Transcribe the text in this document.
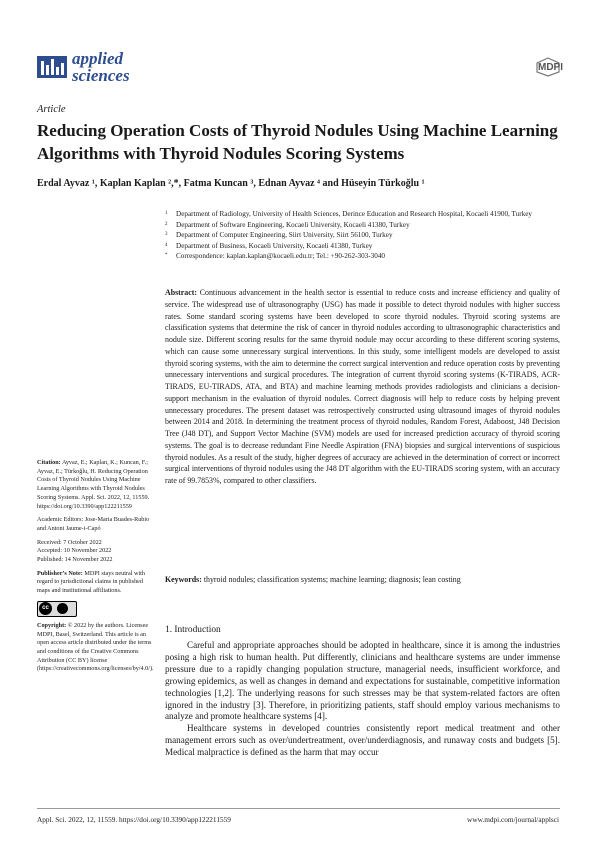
applied
sciences	MDPI
Article
Reducing Operation Costs of Thyroid Nodules Using Machine Learning Algorithms with Thyroid Nodules Scoring Systems
Erdal Ayvaz ¹, Kaplan Kaplan ²,*, Fatma Kuncan ³, Ednan Ayvaz ⁴ and Hüseyin Türkoğlu ¹
1	Department of Radiology, University of Health Sciences, Derince Education and Research Hospital, Kocaeli 41900, Turkey
2	Department of Software Engineering, Kocaeli University, Kocaeli 41380, Turkey
3	Department of Computer Engineering, Siirt University, Siirt 56100, Turkey
4	Department of Business, Kocaeli University, Kocaeli 41380, Turkey
*	Correspondence: kaplan.kaplan@kocaeli.edu.tr; Tel.: +90-262-303-3040
Abstract: Continuous advancement in the health sector is essential to reduce costs and increase efficiency and quality of service. The widespread use of ultrasonography (USG) has made it possible to detect thyroid nodules with higher success rates. Some standard scoring systems have been developed to score thyroid nodules. Thyroid scoring systems are classification systems that determine the risk of cancer in thyroid nodules according to ultrasonographic characteristics and nodule size. Different scoring results for the same thyroid nodule may occur according to these different scoring systems, which can cause some unnecessary surgical interventions. In this study, some intelligent models are developed to assist thyroid scoring systems, with the aim to determine the correct surgical intervention and reduce operation costs by preventing unnecessary interventions and surgical procedures. The integration of current thyroid scoring systems (K-TIRADS, ACR-TIRADS, EU-TIRADS, ATA, and BTA) and machine learning methods provides radiologists and clinicians a decision-support mechanism in the evaluation of thyroid nodules. Correct diagnosis will help to reduce costs by helping prevent unnecessary procedures. The present dataset was retrospectively constructed using ultrasound images of thyroid nodules between 2014 and 2018. In determining the treatment process of thyroid nodules, Random Forest, Adaboost, J48 Decision Tree (J48 DT), and Support Vector Machine (SVM) models are used for increased prediction accuracy of thyroid scoring systems. The goal is to decrease redundant Fine Needle Aspiration (FNA) biopsies and surgical interventions of suspicious thyroid nodules. As a result of the study, higher degrees of accuracy are achieved in the determination of correct or incorrect surgical interventions of thyroid nodules using the J48 DT algorithm with the EU-TIRADS scoring system, with an accuracy rate of 99.7853%, compared to other classifiers.
Keywords: thyroid nodules; classification systems; machine learning; diagnosis; lean costing

Citation: Ayvaz, E.; Kaplan, K.; Kuncan, F.; Ayvaz, E.; Türkoğlu, H. Reducing Operation Costs of Thyroid Nodules Using Machine Learning Algorithms with Thyroid Nodules Scoring Systems. Appl. Sci. 2022, 12, 11559. https://doi.org/10.3390/app122211559

Academic Editors: Jose-Maria Buades-Rubio and Antoni Jaume-i-Capó

Received: 7 October 2022
Accepted: 10 November 2022

Published: 14 November 2022

Publisher’s Note: MDPI stays neutral with regard to jurisdictional claims in published maps and institutional affiliations.

cc

Copyright: © 2022 by the authors. Licensee MDPI, Basel, Switzerland. This article is an open access article distributed under the terms and conditions of the Creative Commons Attribution (CC BY) license (https://creativecommons.org/licenses/by/4.0/).

1. Introduction

Careful and appropriate approaches should be adopted in healthcare, since it is among the industries posing a high risk to human health. Put differently, clinicians and healthcare systems are under immense pressure due to a rapidly changing population structure, managerial needs, insufficient workforce, and growing epidemics, as well as changes in demand and expectations for sustainable, competitive information technologies [1,2]. The underlying reasons for such stresses may be that system-related factors are often ignored in the industry [3]. Therefore, in prioritizing patients, staff should employ various mechanisms to analyze and promote healthcare systems [4].

Healthcare systems in developed countries consistently report medical treatment and other management errors such as over/undertreatment, over/underdiagnosis, and runaway costs and budgets [5]. Medical malpractice is defined as the harm that may occur

Appl. Sci. 2022, 12, 11559. https://doi.org/10.3390/app122211559	www.mdpi.com/journal/applsci
